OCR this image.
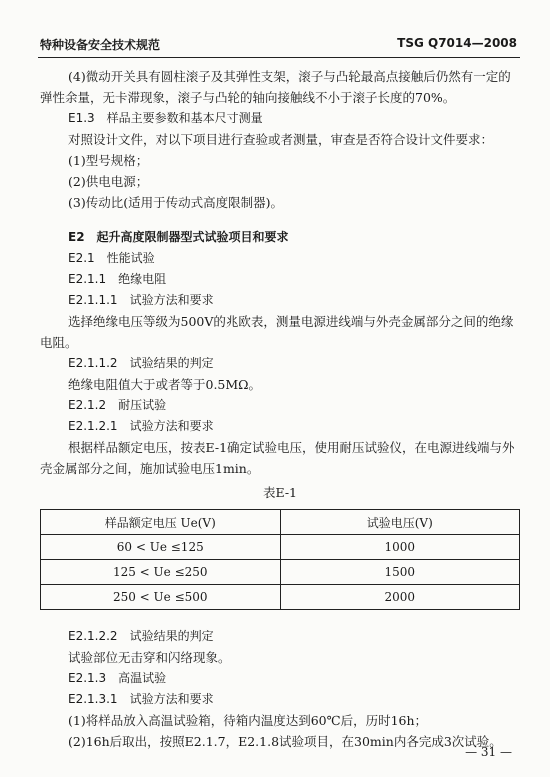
特种设备安全技术规范	TSG Q7014—2008
(4)微动开关具有圆柱滚子及其弹性支架，滚子与凸轮最高点接触后仍然有一定的
弹性余量，无卡滞现象，滚子与凸轮的轴向接触线不小于滚子长度的70%。
E1.3　样品主要参数和基本尺寸测量
对照设计文件，对以下项目进行查验或者测量，审查是否符合设计文件要求：
(1)型号规格；
(2)供电电源；
(3)传动比(适用于传动式高度限制器)。
E2　起升高度限制器型式试验项目和要求
E2.1　性能试验
E2.1.1　绝缘电阻
E2.1.1.1　试验方法和要求
选择绝缘电压等级为500V的兆欧表，测量电源进线端与外壳金属部分之间的绝缘
电阻。
E2.1.1.2　试验结果的判定
绝缘电阻值大于或者等于0.5MΩ。
E2.1.2　耐压试验
E2.1.2.1　试验方法和要求
根据样品额定电压，按表E-1确定试验电压，使用耐压试验仪，在电源进线端与外
壳金属部分之间，施加试验电压1min。
表E-1
样品额定电压 Ue(V)	试验电压(V)
60 < Ue ≤125	1000
125 < Ue ≤250	1500
250 < Ue ≤500	2000
E2.1.2.2　试验结果的判定
试验部位无击穿和闪络现象。
E2.1.3　高温试验
E2.1.3.1　试验方法和要求
(1)将样品放入高温试验箱，待箱内温度达到60℃后，历时16h；
(2)16h后取出，按照E2.1.7，E2.1.8试验项目，在30min内各完成3次试验。
— 31 —
